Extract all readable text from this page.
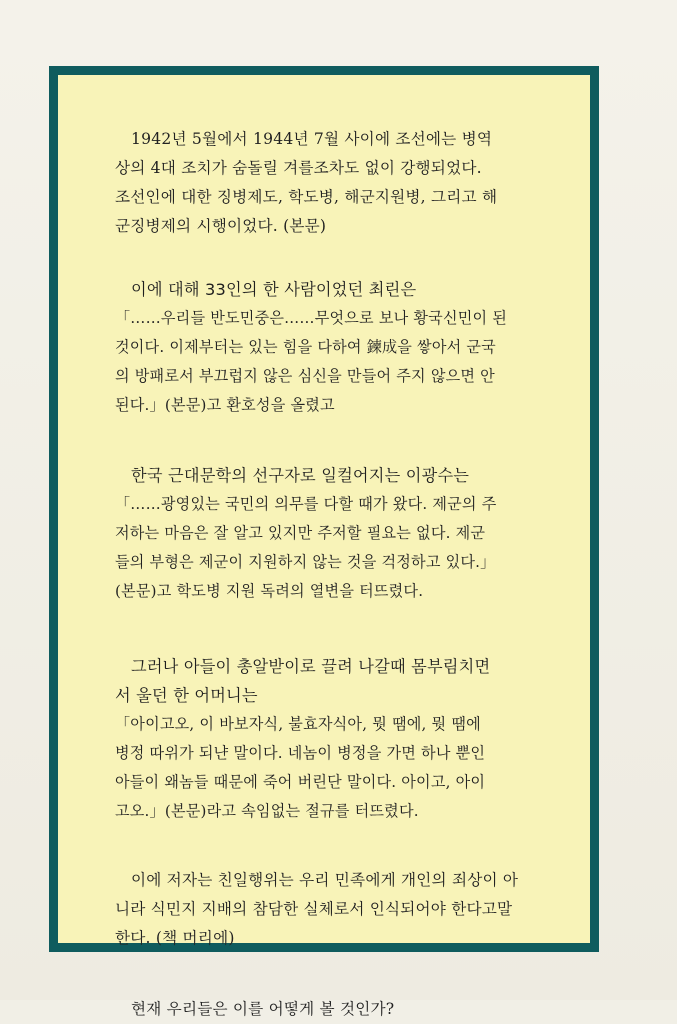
1942년 5월에서 1944년 7월 사이에 조선에는 병역
상의 4대 조치가 숨돌릴 겨를조차도 없이 강행되었다.
조선인에 대한 징병제도, 학도병, 해군지원병, 그리고 해
군징병제의 시행이었다. (본문)

이에 대해 33인의 한 사람이었던 최린은
「……우리들 반도민중은……무엇으로 보나 황국신민이 된
것이다. 이제부터는 있는 힘을 다하여 鍊成을 쌓아서 군국
의 방패로서 부끄럽지 않은 심신을 만들어 주지 않으면 안
된다.」(본문)고 환호성을 올렸고

한국 근대문학의 선구자로 일컬어지는 이광수는
「……광영있는 국민의 의무를 다할 때가 왔다. 제군의 주
저하는 마음은 잘 알고 있지만 주저할 필요는 없다. 제군
들의 부형은 제군이 지원하지 않는 것을 걱정하고 있다.」
(본문)고 학도병 지원 독려의 열변을 터뜨렸다.

그러나 아들이 총알받이로 끌려 나갈때 몸부림치면
서 울던 한 어머니는
「아이고오, 이 바보자식, 불효자식아, 뭣 땜에, 뭣 땜에
병정 따위가 되냔 말이다. 네놈이 병정을 가면 하나 뿐인
아들이 왜놈들 때문에 죽어 버린단 말이다. 아이고, 아이
고오.」(본문)라고 속임없는 절규를 터뜨렸다.

이에 저자는 친일행위는 우리 민족에게 개인의 죄상이 아
니라 식민지 지배의 참담한 실체로서 인식되어야 한다고말
한다. (책 머리에)

현재 우리들은 이를 어떻게 볼 것인가?
